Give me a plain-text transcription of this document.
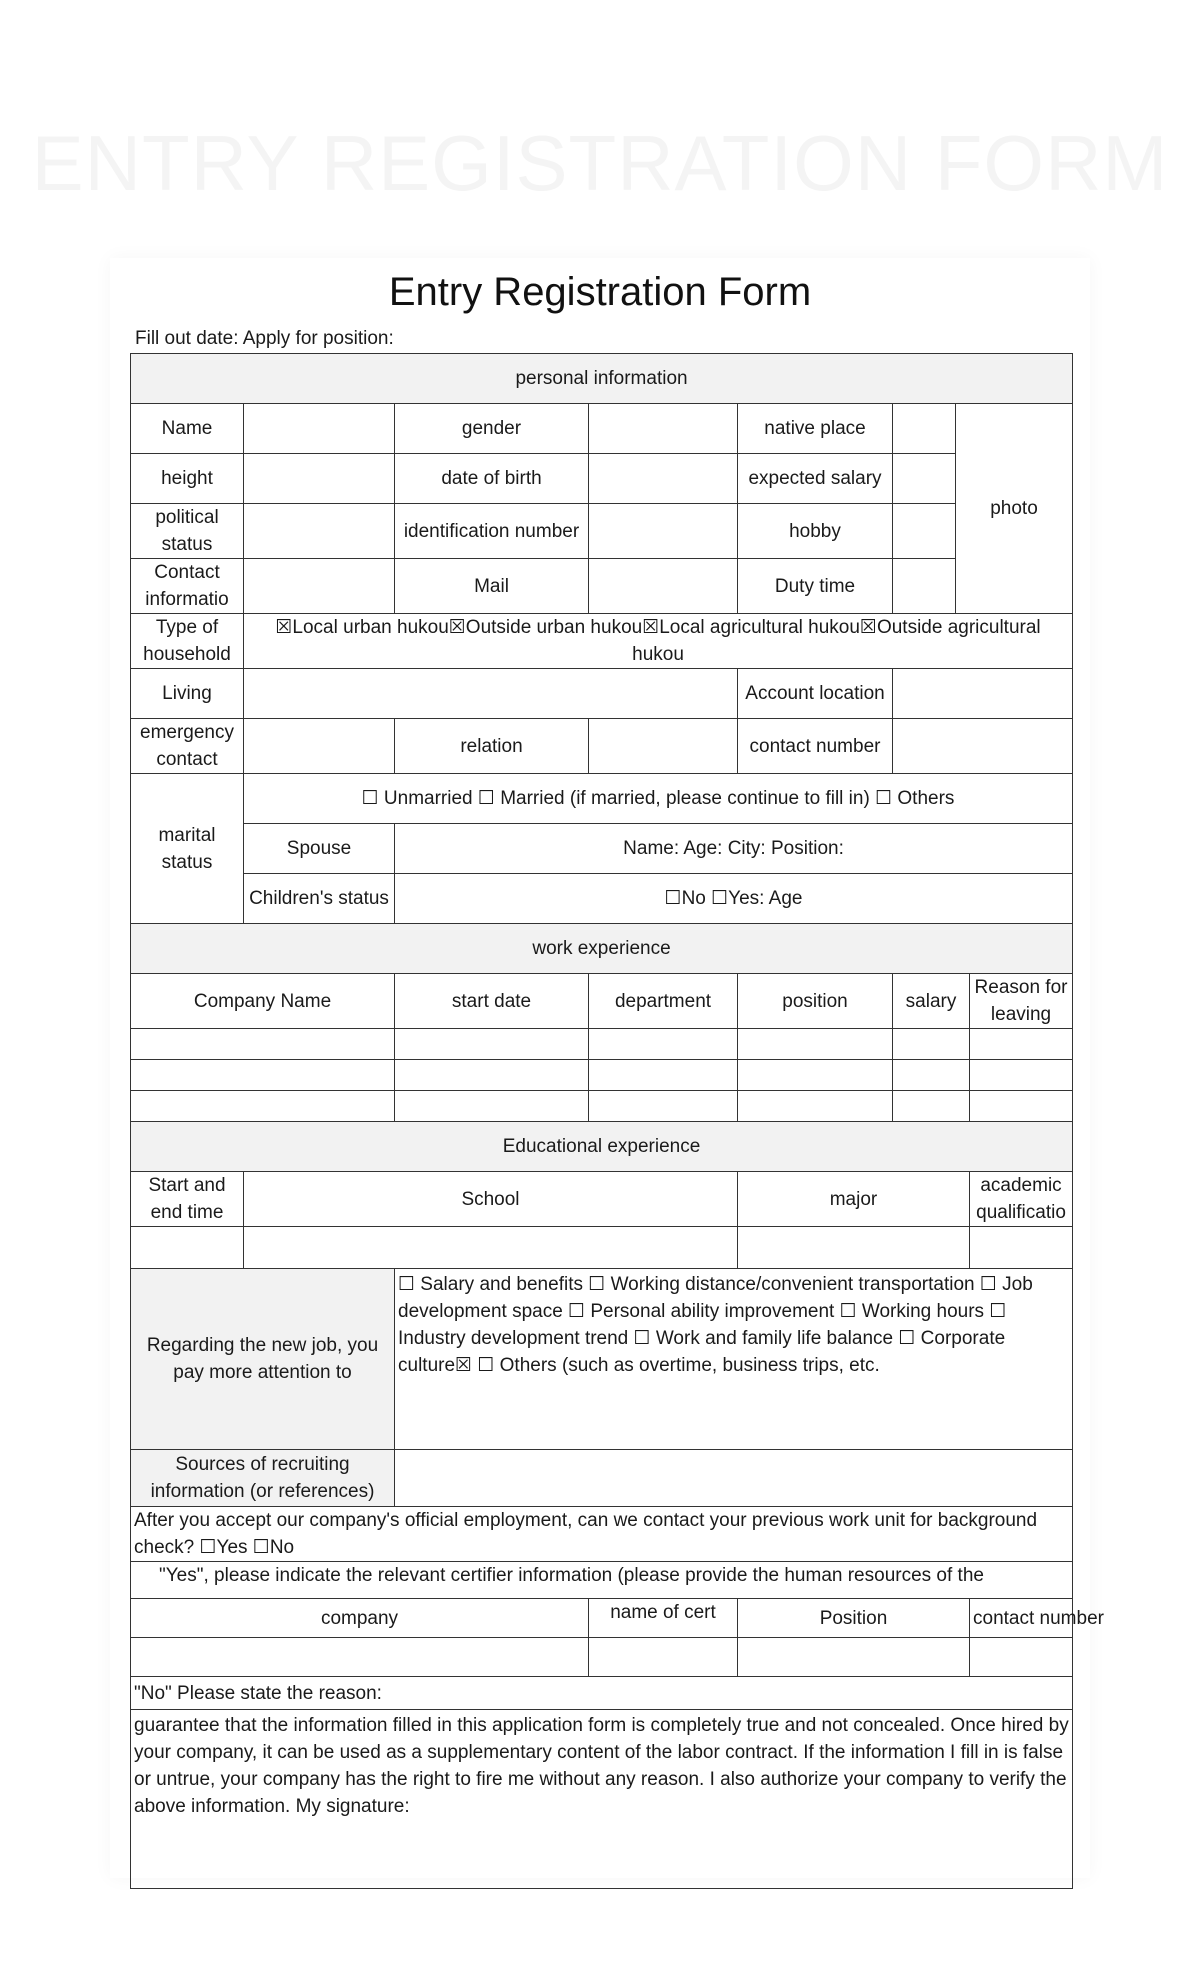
ENTRY REGISTRATION FORM
Entry Registration Form
Fill out date: Apply for position:
personal information							
Name		gender		native place		photo	
height		date of birth		expected salary			
political status		identification number		hobby			
Contact informatio		Mail		Duty time			
Type of household	☒Local urban hukou☒Outside urban hukou☒Local agricultural hukou☒Outside agricultural hukou						
Living				Account location			
emergency contact		relation		contact number			
marital status	☐ Unmarried ☐ Married (if married, please continue to fill in) ☐ Others						
	Spouse	Name: Age: City: Position:					
	Children's status	☐No ☐Yes: Age					
work experience							
Company Name		start date	department	position	salary		Reason for leaving

Educational experience							
Start and end time	School			major			academic qualificatio

Regarding the new job, you pay more attention to		☐ Salary and benefits ☐ Working distance/convenient transportation ☐ Job development space ☐ Personal ability improvement ☐ Working hours ☐ Industry development trend ☐ Work and family life balance ☐ Corporate culture☒ ☐ Others (such as overtime, business trips, etc.					
Sources of recruiting information (or references)							
After you accept our company's official employment, can we contact your previous work unit for background check? ☐Yes ☐No							
"Yes", please indicate the relevant certifier information (please provide the human resources of the							
company			name of cert	Position			contact number

"No" Please state the reason:							
guarantee that the information filled in this application form is completely true and not concealed. Once hired by your company, it can be used as a supplementary content of the labor contract. If the information I fill in is false or untrue, your company has the right to fire me without any reason. I also authorize your company to verify the above information. My signature:							
